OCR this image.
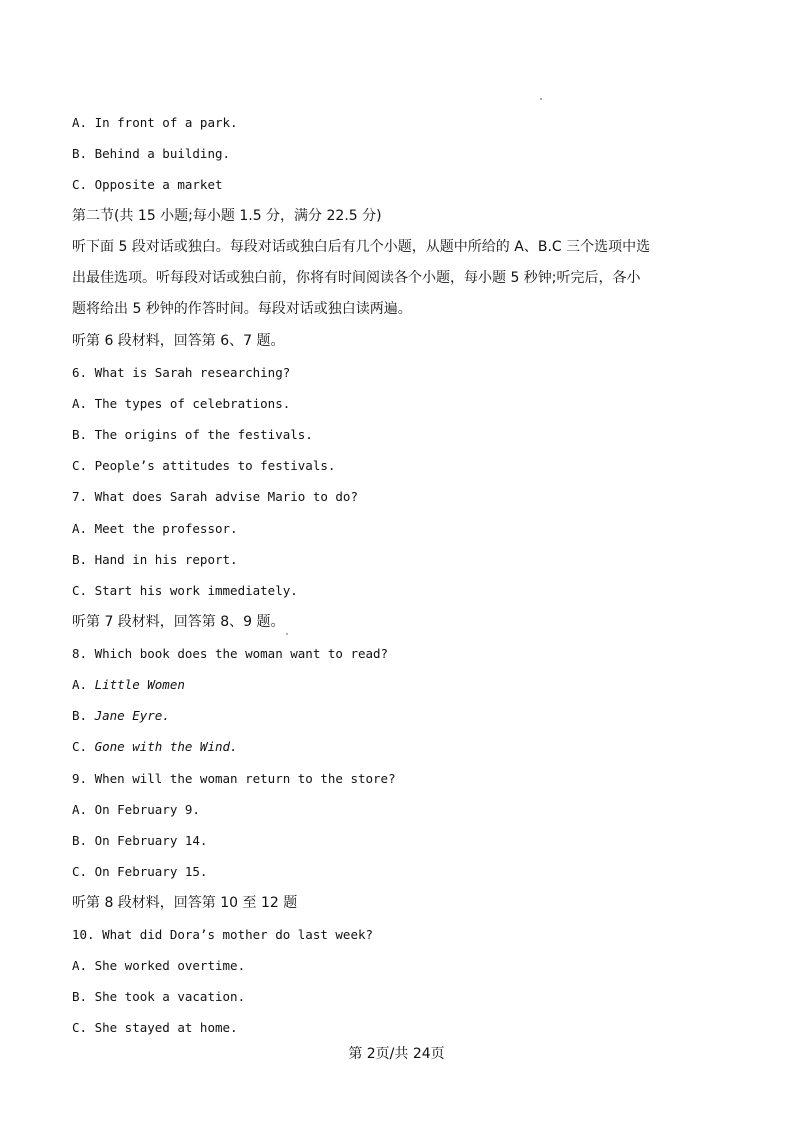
A. In front of a park.
B. Behind a building.
C. Opposite a market
第二节(共 15 小题;每小题 1.5 分，满分 22.5 分)
听下面 5 段对话或独白。每段对话或独白后有几个小题，从题中所给的 A、B.C 三个选项中选
出最佳选项。听每段对话或独白前，你将有时间阅读各个小题，每小题 5 秒钟;听完后，各小
题将给出 5 秒钟的作答时间。每段对话或独白读两遍。
听第 6 段材料，回答第 6、7 题。
6. What is Sarah researching?
A. The types of celebrations.
B. The origins of the festivals.
C. People’s attitudes to festivals.
7. What does Sarah advise Mario to do?
A. Meet the professor.
B. Hand in his report.
C. Start his work immediately.
听第 7 段材料，回答第 8、9 题。
8. Which book does the woman want to read?
A. Little Women
B. Jane Eyre.
C. Gone with the Wind.
9. When will the woman return to the store?
A. On February 9.
B. On February 14.
C. On February 15.
听第 8 段材料，回答第 10 至 12 题
10. What did Dora’s mother do last week?
A. She worked overtime.
B. She took a vacation.
C. She stayed at home.
第 2页/共 24页
